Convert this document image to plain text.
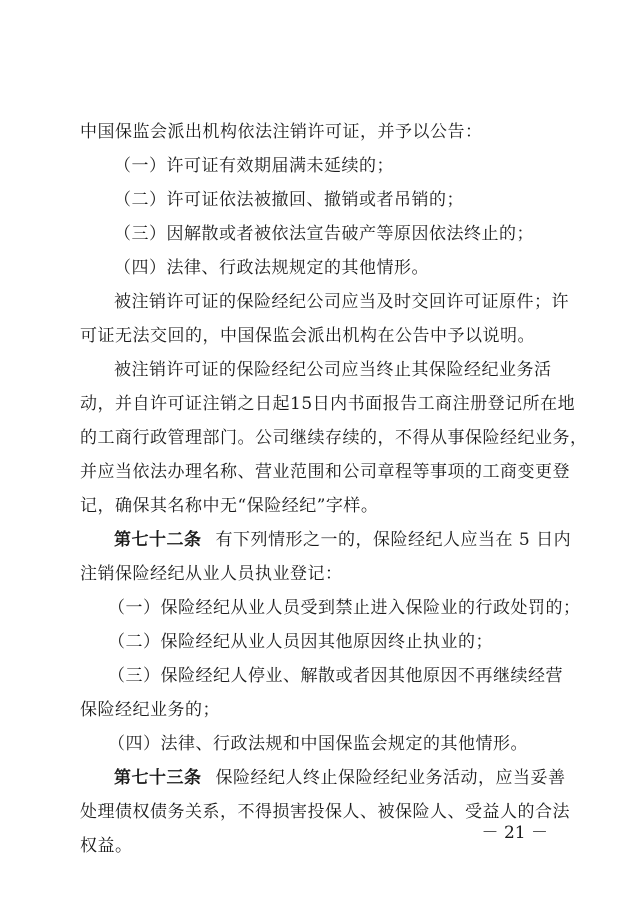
中国保监会派出机构依法注销许可证，并予以公告：
（一）许可证有效期届满未延续的；
（二）许可证依法被撤回、撤销或者吊销的；
（三）因解散或者被依法宣告破产等原因依法终止的；
（四）法律、行政法规规定的其他情形。
被注销许可证的保险经纪公司应当及时交回许可证原件；许
可证无法交回的，中国保监会派出机构在公告中予以说明。
被注销许可证的保险经纪公司应当终止其保险经纪业务活
动，并自许可证注销之日起15日内书面报告工商注册登记所在地
的工商行政管理部门。公司继续存续的，不得从事保险经纪业务，
并应当依法办理名称、营业范围和公司章程等事项的工商变更登
记，确保其名称中无“保险经纪”字样。
第七十二条 有下列情形之一的，保险经纪人应当在 5 日内
注销保险经纪从业人员执业登记：
（一）保险经纪从业人员受到禁止进入保险业的行政处罚的；
（二）保险经纪从业人员因其他原因终止执业的；
（三）保险经纪人停业、解散或者因其他原因不再继续经营
保险经纪业务的；
（四）法律、行政法规和中国保监会规定的其他情形。
第七十三条 保险经纪人终止保险经纪业务活动，应当妥善
处理债权债务关系，不得损害投保人、被保险人、受益人的合法
权益。
－ 21 －
